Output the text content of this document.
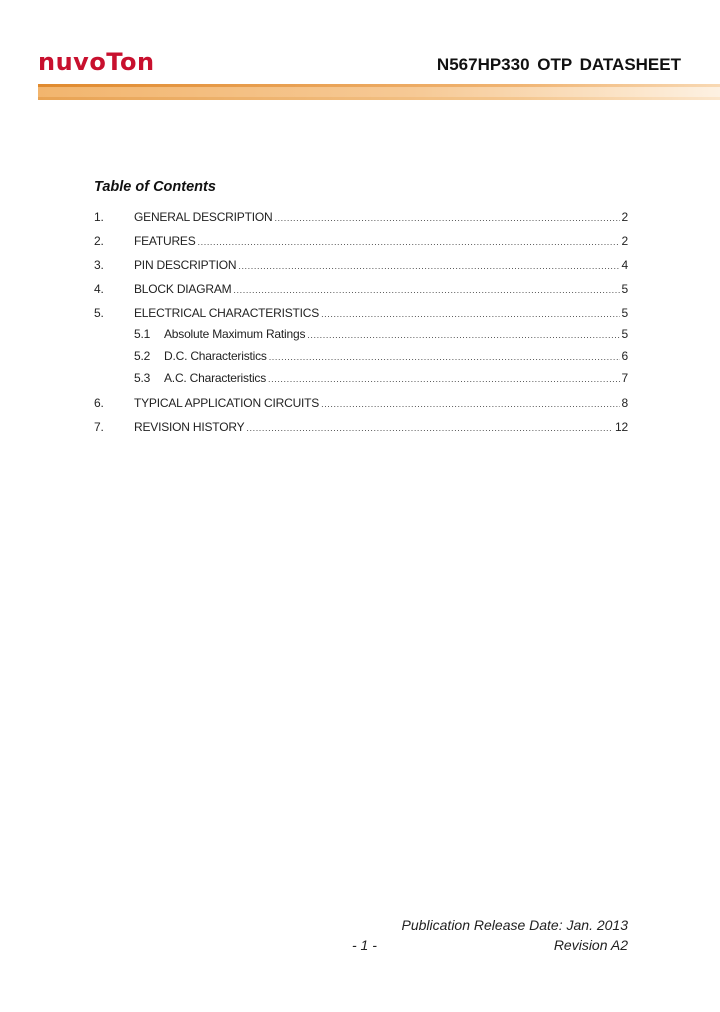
nuvoTon	N567HP330 OTP DATASHEET
Table of Contents
1.	GENERAL DESCRIPTION .....	2
2.	FEATURES .....	2
3.	PIN DESCRIPTION .....	4
4.	BLOCK DIAGRAM .....	5
5.	ELECTRICAL CHARACTERISTICS .....	5
5.1	Absolute Maximum Ratings .....	5
5.2	D.C. Characteristics .....	6
5.3	A.C. Characteristics .....	7
6.	TYPICAL APPLICATION CIRCUITS .....	8
7.	REVISION HISTORY .....	12
Publication Release Date: Jan. 2013
- 1 -	Revision A2
